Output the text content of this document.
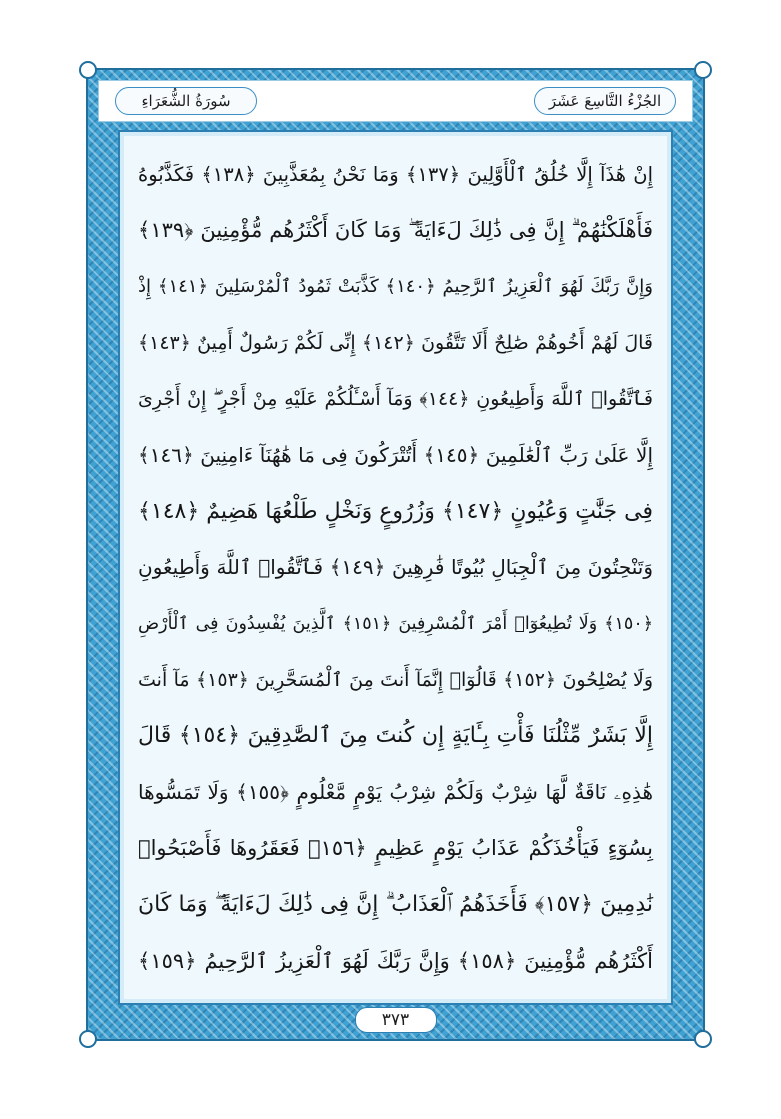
سُورَةُ الشُّعَرَاءِ	الجُزْءُ التَّاسِعَ عَشَرَ
إِنْ هَٰذَآ إِلَّا خُلُقُ ٱلْأَوَّلِينَ ﴿١٣٧﴾ وَمَا نَحْنُ بِمُعَذَّبِينَ ﴿١٣٨﴾ فَكَذَّبُوهُ
فَأَهْلَكْنَٰهُمْ ۗ إِنَّ فِى ذَٰلِكَ لَءَايَةً ۖ وَمَا كَانَ أَكْثَرُهُم مُّؤْمِنِينَ ﴿١٣٩﴾
وَإِنَّ رَبَّكَ لَهُوَ ٱلْعَزِيزُ ٱلرَّحِيمُ ﴿١٤٠﴾ كَذَّبَتْ ثَمُودُ ٱلْمُرْسَلِينَ ﴿١٤١﴾ إِذْ
قَالَ لَهُمْ أَخُوهُمْ صَٰلِحٌ أَلَا تَتَّقُونَ ﴿١٤٢﴾ إِنِّى لَكُمْ رَسُولٌ أَمِينٌ ﴿١٤٣﴾
فَٱتَّقُوا۟ ٱللَّهَ وَأَطِيعُونِ ﴿١٤٤﴾ وَمَآ أَسْـَٔلُكُمْ عَلَيْهِ مِنْ أَجْرٍ ۖ إِنْ أَجْرِىَ
إِلَّا عَلَىٰ رَبِّ ٱلْعَٰلَمِينَ ﴿١٤٥﴾ أَتُتْرَكُونَ فِى مَا هَٰهُنَآ ءَامِنِينَ ﴿١٤٦﴾
فِى جَنَّٰتٍ وَعُيُونٍ ﴿١٤٧﴾ وَزُرُوعٍ وَنَخْلٍ طَلْعُهَا هَضِيمٌ ﴿١٤٨﴾
وَتَنْحِتُونَ مِنَ ٱلْجِبَالِ بُيُوتًا فَٰرِهِينَ ﴿١٤٩﴾ فَٱتَّقُوا۟ ٱللَّهَ وَأَطِيعُونِ
﴿١٥٠﴾ وَلَا تُطِيعُوٓا۟ أَمْرَ ٱلْمُسْرِفِينَ ﴿١٥١﴾ ٱلَّذِينَ يُفْسِدُونَ فِى ٱلْأَرْضِ
وَلَا يُصْلِحُونَ ﴿١٥٢﴾ قَالُوٓا۟ إِنَّمَآ أَنتَ مِنَ ٱلْمُسَحَّرِينَ ﴿١٥٣﴾ مَآ أَنتَ
إِلَّا بَشَرٌ مِّثْلُنَا فَأْتِ بِـَٔايَةٍ إِن كُنتَ مِنَ ٱلصَّٰدِقِينَ ﴿١٥٤﴾ قَالَ
هَٰذِهِۦ نَاقَةٌ لَّهَا شِرْبٌ وَلَكُمْ شِرْبُ يَوْمٍ مَّعْلُومٍ ﴿١٥٥﴾ وَلَا تَمَسُّوهَا
بِسُوٓءٍ فَيَأْخُذَكُمْ عَذَابُ يَوْمٍ عَظِيمٍ ﴿١٥٦﴾ فَعَقَرُوهَا فَأَصْبَحُوا۟
نَٰدِمِينَ ﴿١٥٧﴾ فَأَخَذَهُمُ ٱلْعَذَابُ ۗ إِنَّ فِى ذَٰلِكَ لَءَايَةً ۖ وَمَا كَانَ
أَكْثَرُهُم مُّؤْمِنِينَ ﴿١٥٨﴾ وَإِنَّ رَبَّكَ لَهُوَ ٱلْعَزِيزُ ٱلرَّحِيمُ ﴿١٥٩﴾
٣٧٣
